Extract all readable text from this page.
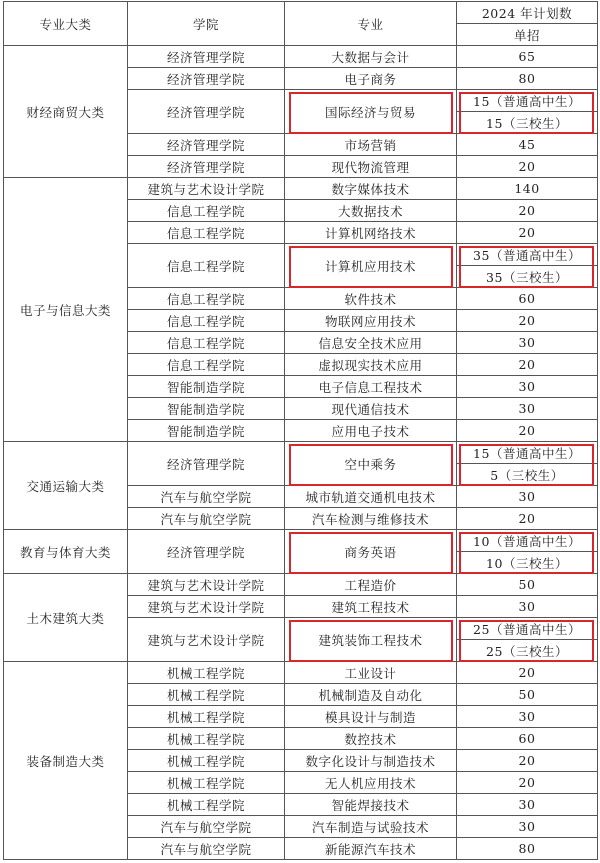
专业大类	学院	专业	2024 年计划数
			单招
财经商贸大类	经济管理学院	大数据与会计	65
	经济管理学院	电子商务	80
	经济管理学院	国际经济与贸易	15（普通高中生）
			15（三校生）
	经济管理学院	市场营销	45
	经济管理学院	现代物流管理	20
电子与信息大类	建筑与艺术设计学院	数字媒体技术	140
	信息工程学院	大数据技术	20
	信息工程学院	计算机网络技术	20
	信息工程学院	计算机应用技术	35（普通高中生）
			35（三校生）
	信息工程学院	软件技术	60
	信息工程学院	物联网应用技术	20
	信息工程学院	信息安全技术应用	30
	信息工程学院	虚拟现实技术应用	20
	智能制造学院	电子信息工程技术	30
	智能制造学院	现代通信技术	30
	智能制造学院	应用电子技术	20
交通运输大类	经济管理学院	空中乘务	15（普通高中生）
			5（三校生）
	汽车与航空学院	城市轨道交通机电技术	30
	汽车与航空学院	汽车检测与维修技术	20
教育与体育大类	经济管理学院	商务英语	10（普通高中生）
			10（三校生）
土木建筑大类	建筑与艺术设计学院	工程造价	50
	建筑与艺术设计学院	建筑工程技术	30
	建筑与艺术设计学院	建筑装饰工程技术	25（普通高中生）
			25（三校生）
装备制造大类	机械工程学院	工业设计	20
	机械工程学院	机械制造及自动化	50
	机械工程学院	模具设计与制造	30
	机械工程学院	数控技术	60
	机械工程学院	数字化设计与制造技术	20
	机械工程学院	无人机应用技术	20
	机械工程学院	智能焊接技术	30
	汽车与航空学院	汽车制造与试验技术	30
	汽车与航空学院	新能源汽车技术	80
